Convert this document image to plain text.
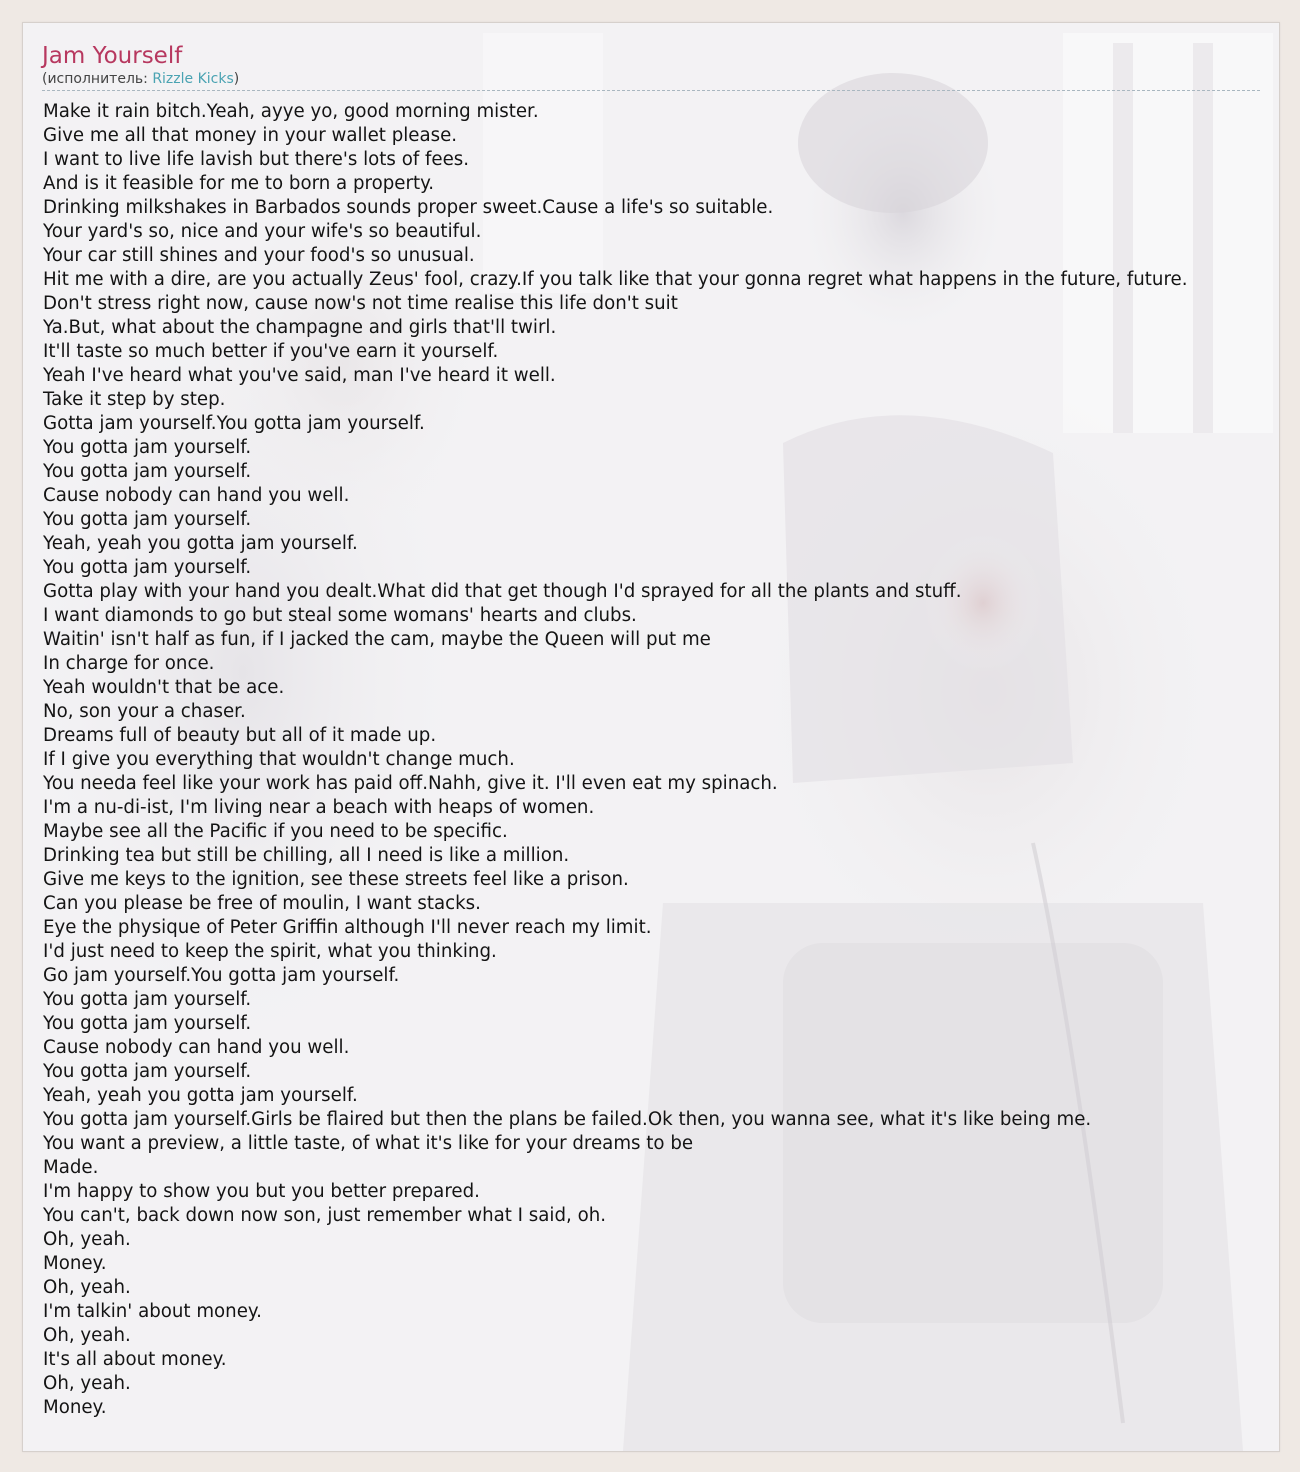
Jam Yourself
(исполнитель: Rizzle Kicks)
Make it rain bitch.Yeah, ayye yo, good morning mister.
Give me all that money in your wallet please.
I want to live life lavish but there's lots of fees.
And is it feasible for me to born a property.
Drinking milkshakes in Barbados sounds proper sweet.Cause a life's so suitable.
Your yard's so, nice and your wife's so beautiful.
Your car still shines and your food's so unusual.
Hit me with a dire, are you actually Zeus' fool, crazy.If you talk like that your gonna regret what happens in the future, future.
Don't stress right now, cause now's not time realise this life don't suit
Ya.But, what about the champagne and girls that'll twirl.
It'll taste so much better if you've earn it yourself.
Yeah I've heard what you've said, man I've heard it well.
Take it step by step.
Gotta jam yourself.You gotta jam yourself.
You gotta jam yourself.
You gotta jam yourself.
Cause nobody can hand you well.
You gotta jam yourself.
Yeah, yeah you gotta jam yourself.
You gotta jam yourself.
Gotta play with your hand you dealt.What did that get though I'd sprayed for all the plants and stuff.
I want diamonds to go but steal some womans' hearts and clubs.
Waitin' isn't half as fun, if I jacked the cam, maybe the Queen will put me
In charge for once.
Yeah wouldn't that be ace.
No, son your a chaser.
Dreams full of beauty but all of it made up.
If I give you everything that wouldn't change much.
You needa feel like your work has paid off.Nahh, give it. I'll even eat my spinach.
I'm a nu-di-ist, I'm living near a beach with heaps of women.
Maybe see all the Pacific if you need to be specific.
Drinking tea but still be chilling, all I need is like a million.
Give me keys to the ignition, see these streets feel like a prison.
Can you please be free of moulin, I want stacks.
Eye the physique of Peter Griffin although I'll never reach my limit.
I'd just need to keep the spirit, what you thinking.
Go jam yourself.You gotta jam yourself.
You gotta jam yourself.
You gotta jam yourself.
Cause nobody can hand you well.
You gotta jam yourself.
Yeah, yeah you gotta jam yourself.
You gotta jam yourself.Girls be flaired but then the plans be failed.Ok then, you wanna see, what it's like being me.
You want a preview, a little taste, of what it's like for your dreams to be
Made.
I'm happy to show you but you better prepared.
You can't, back down now son, just remember what I said, oh.
Oh, yeah.
Money.
Oh, yeah.
I'm talkin' about money.
Oh, yeah.
It's all about money.
Oh, yeah.
Money.
